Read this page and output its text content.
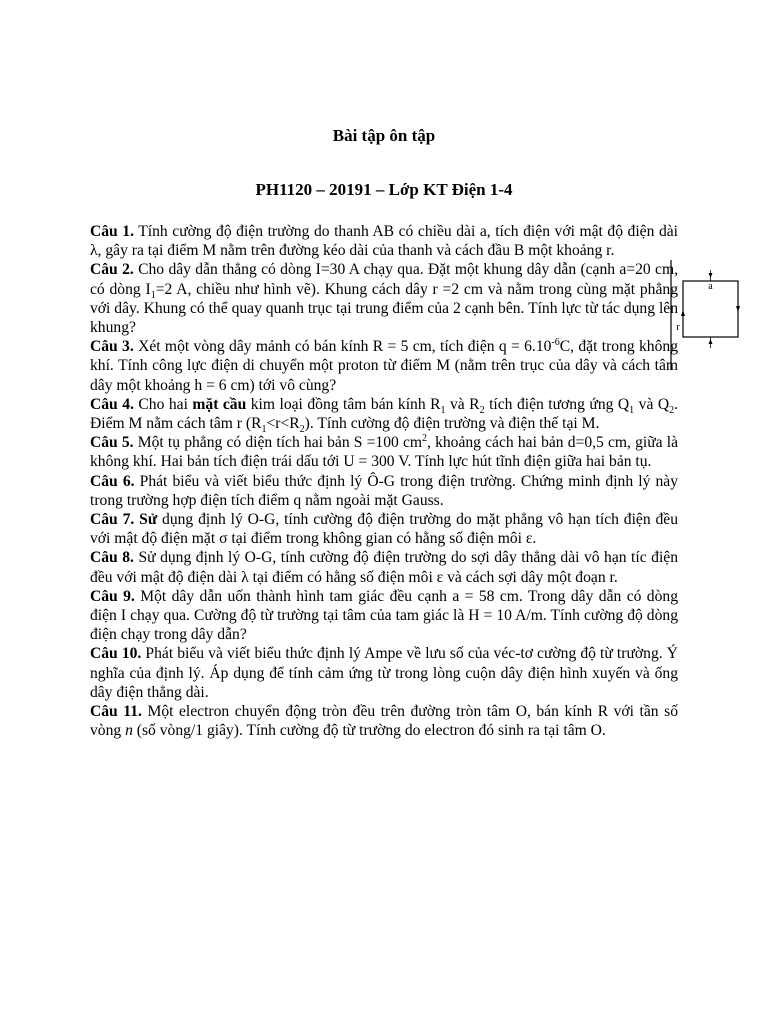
Bài tập ôn tập
PH1120 – 20191 – Lớp KT Điện 1-4

Câu 1. Tính cường độ điện trường do thanh AB có chiều dài a, tích điện với mật độ điện dài λ, gây ra tại điểm M nằm trên đường kéo dài của thanh và cách đầu B một khoảng r.

Câu 2. Cho dây dẫn thẳng có dòng I=30 A chạy qua. Đặt một khung dây dẫn (cạnh a=20 cm, có dòng $I_1=2$ A, chiều như hình vẽ). Khung cách dây r =2 cm và nằm trong cùng mặt phẳng với dây. Khung có thể quay quanh trục tại trung điểm của 2 cạnh bên. Tính lực từ tác dụng lên khung?

Câu 3. Xét một vòng dây mảnh có bán kính R = 5 cm, tích điện $q = 6.10^{-6}C$, đặt trong không khí. Tính công lực điện di chuyển một proton từ điểm M (nằm trên trục của dây và cách tâm dây một khoảng h = 6 cm) tới vô cùng?

Câu 4. Cho hai mặt cầu kim loại đồng tâm bán kính $R_1$ và $R_2$ tích điện tương ứng $Q_1$ và $Q_2$. Điểm M nằm cách tâm r $(R_1<r<R_2)$. Tính cường độ điện trường và điện thế tại M.

Câu 5. Một tụ phẳng có diện tích hai bản S =100 $cm^2$, khoảng cách hai bản d=0,5 cm, giữa là không khí. Hai bản tích điện trái dấu tới U = 300 V. Tính lực hút tĩnh điện giữa hai bản tụ.

Câu 6. Phát biểu và viết biểu thức định lý Ô-G trong điện trường. Chứng minh định lý này trong trường hợp điện tích điểm q nằm ngoài mặt Gauss.

Câu 7. Sử dụng định lý O-G, tính cường độ điện trường do mặt phẳng vô hạn tích điện đều với mật độ điện mặt σ tại điểm trong không gian có hằng số điện môi ε.

Câu 8. Sử dụng định lý O-G, tính cường độ điện trường do sợi dây thẳng dài vô hạn tíc điện đều với mật độ điện dài λ tại điểm có hằng số điện môi ε và cách sợi dây một đoạn r.

Câu 9. Một dây dẫn uốn thành hình tam giác đều cạnh a = 58 cm. Trong dây dẫn có dòng điện I chạy qua. Cường độ từ trường tại tâm của tam giác là H = 10 A/m. Tính cường độ dòng điện chạy trong dây dẫn?

Câu 10. Phát biểu và viết biểu thức định lý Ampe về lưu số của véc-tơ cường độ từ trường. Ý nghĩa của định lý. Áp dụng để tính cảm ứng từ trong lòng cuộn dây điện hình xuyến và ống dây điện thẳng dài.

Câu 11. Một electron chuyển động tròn đều trên đường tròn tâm O, bán kính R với tần số vòng n (số vòng/1 giây). Tính cường độ từ trường do electron đó sinh ra tại tâm O.

a
r
